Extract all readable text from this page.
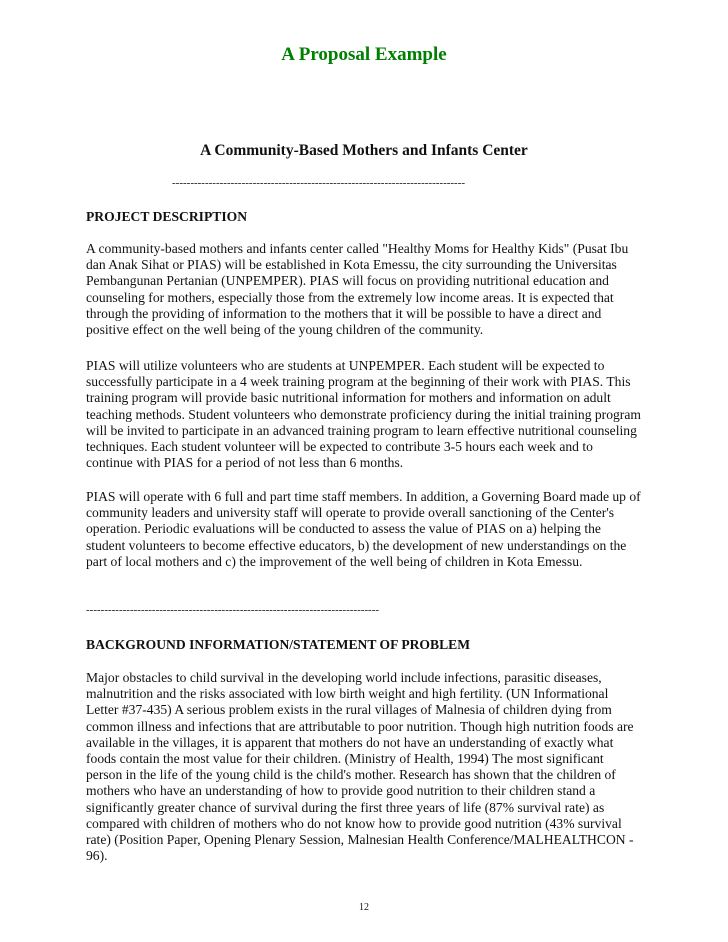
A Proposal Example
A Community-Based Mothers and Infants Center
--------------------------------------------------------------------------------
PROJECT DESCRIPTION

A community-based mothers and infants center called "Healthy Moms for Healthy Kids" (Pusat Ibu dan Anak Sihat or PIAS) will be established in Kota Emessu, the city surrounding the Universitas Pembangunan Pertanian (UNPEMPER). PIAS will focus on providing nutritional education and counseling for mothers, especially those from the extremely low income areas. It is expected that through the providing of information to the mothers that it will be possible to have a direct and positive effect on the well being of the young children of the community.

PIAS will utilize volunteers who are students at UNPEMPER. Each student will be expected to successfully participate in a 4 week training program at the beginning of their work with PIAS. This training program will provide basic nutritional information for mothers and information on adult teaching methods. Student volunteers who demonstrate proficiency during the initial training program will be invited to participate in an advanced training program to learn effective nutritional counseling techniques. Each student volunteer will be expected to contribute 3-5 hours each week and to continue with PIAS for a period of not less than 6 months.

PIAS will operate with 6 full and part time staff members. In addition, a Governing Board made up of community leaders and university staff will operate to provide overall sanctioning of the Center's operation. Periodic evaluations will be conducted to assess the value of PIAS on a) helping the student volunteers to become effective educators, b) the development of new understandings on the part of local mothers and c) the improvement of the well being of children in Kota Emessu.

--------------------------------------------------------------------------------
BACKGROUND INFORMATION/STATEMENT OF PROBLEM

Major obstacles to child survival in the developing world include infections, parasitic diseases, malnutrition and the risks associated with low birth weight and high fertility. (UN Informational Letter #37-435) A serious problem exists in the rural villages of Malnesia of children dying from common illness and infections that are attributable to poor nutrition. Though high nutrition foods are available in the villages, it is apparent that mothers do not have an understanding of exactly what foods contain the most value for their children. (Ministry of Health, 1994) The most significant person in the life of the young child is the child's mother. Research has shown that the children of mothers who have an understanding of how to provide good nutrition to their children stand a significantly greater chance of survival during the first three years of life (87% survival rate) as compared with children of mothers who do not know how to provide good nutrition (43% survival rate) (Position Paper, Opening Plenary Session, Malnesian Health Conference/MALHEALTHCON - 96).

12
